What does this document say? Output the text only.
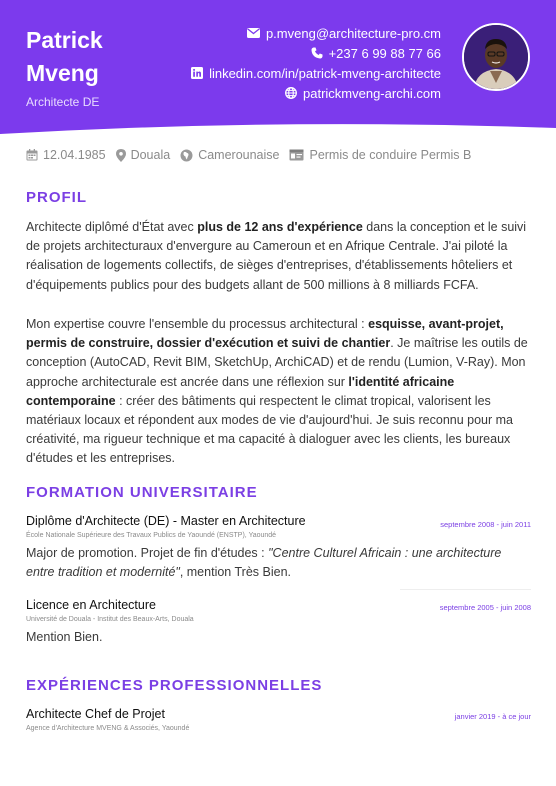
Patrick
Mveng
Architecte DE
p.mveng@architecture-pro.cm
+237 6 99 88 77 66
linkedin.com/in/patrick-mveng-architecte
patrickmveng-archi.com
12.04.1985 Douala Camerounaise Permis de conduire Permis B
PROFIL
Architecte diplômé d'État avec plus de 12 ans d'expérience dans la conception et le suivi de projets architecturaux d'envergure au Cameroun et en Afrique Centrale. J'ai piloté la réalisation de logements collectifs, de sièges d'entreprises, d'établissements hôteliers et d'équipements publics pour des budgets allant de 500 millions à 8 milliards FCFA.
Mon expertise couvre l'ensemble du processus architectural : esquisse, avant-projet, permis de construire, dossier d'exécution et suivi de chantier. Je maîtrise les outils de conception (AutoCAD, Revit BIM, SketchUp, ArchiCAD) et de rendu (Lumion, V-Ray). Mon approche architecturale est ancrée dans une réflexion sur l'identité africaine contemporaine : créer des bâtiments qui respectent le climat tropical, valorisent les matériaux locaux et répondent aux modes de vie d'aujourd'hui. Je suis reconnu pour ma créativité, ma rigueur technique et ma capacité à dialoguer avec les clients, les bureaux d'études et les entreprises.
FORMATION UNIVERSITAIRE
Diplôme d'Architecte (DE) - Master en Architecture	septembre 2008 - juin 2011
École Nationale Supérieure des Travaux Publics de Yaoundé (ENSTP), Yaoundé
Major de promotion. Projet de fin d'études : "Centre Culturel Africain : une architecture entre tradition et modernité", mention Très Bien.
Licence en Architecture	septembre 2005 - juin 2008
Université de Douala - Institut des Beaux-Arts, Douala
Mention Bien.
EXPÉRIENCES PROFESSIONNELLES
Architecte Chef de Projet	janvier 2019 - à ce jour
Agence d'Architecture MVENG & Associés, Yaoundé
